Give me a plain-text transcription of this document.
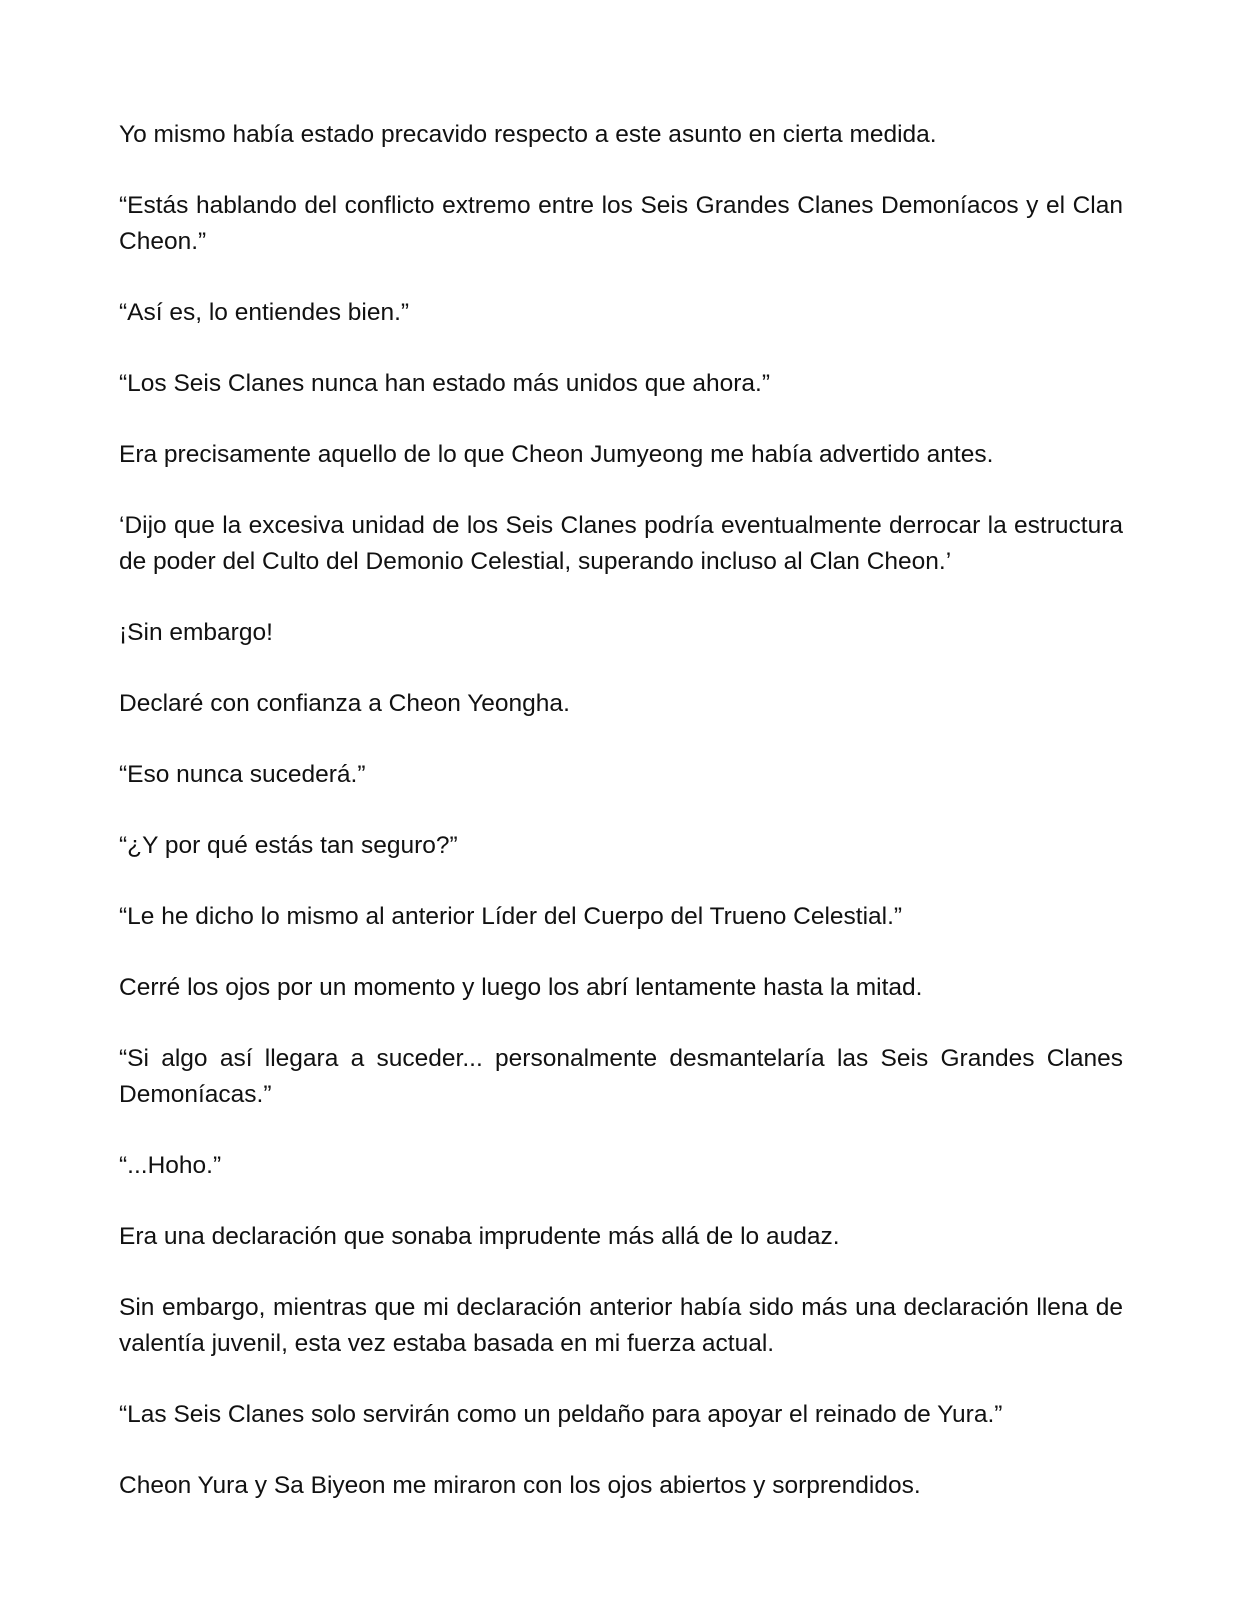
Yo mismo había estado precavido respecto a este asunto en cierta medida.

“Estás hablando del conflicto extremo entre los Seis Grandes Clanes Demoníacos y el Clan Cheon.”

“Así es, lo entiendes bien.”

“Los Seis Clanes nunca han estado más unidos que ahora.”

Era precisamente aquello de lo que Cheon Jumyeong me había advertido antes.

‘Dijo que la excesiva unidad de los Seis Clanes podría eventualmente derrocar la estructura de poder del Culto del Demonio Celestial, superando incluso al Clan Cheon.’

¡Sin embargo!

Declaré con confianza a Cheon Yeongha.

“Eso nunca sucederá.”

“¿Y por qué estás tan seguro?”

“Le he dicho lo mismo al anterior Líder del Cuerpo del Trueno Celestial.”

Cerré los ojos por un momento y luego los abrí lentamente hasta la mitad.

“Si algo así llegara a suceder... personalmente desmantelaría las Seis Grandes Clanes Demoníacas.”

“...Hoho.”

Era una declaración que sonaba imprudente más allá de lo audaz.

Sin embargo, mientras que mi declaración anterior había sido más una declaración llena de valentía juvenil, esta vez estaba basada en mi fuerza actual.

“Las Seis Clanes solo servirán como un peldaño para apoyar el reinado de Yura.”

Cheon Yura y Sa Biyeon me miraron con los ojos abiertos y sorprendidos.
